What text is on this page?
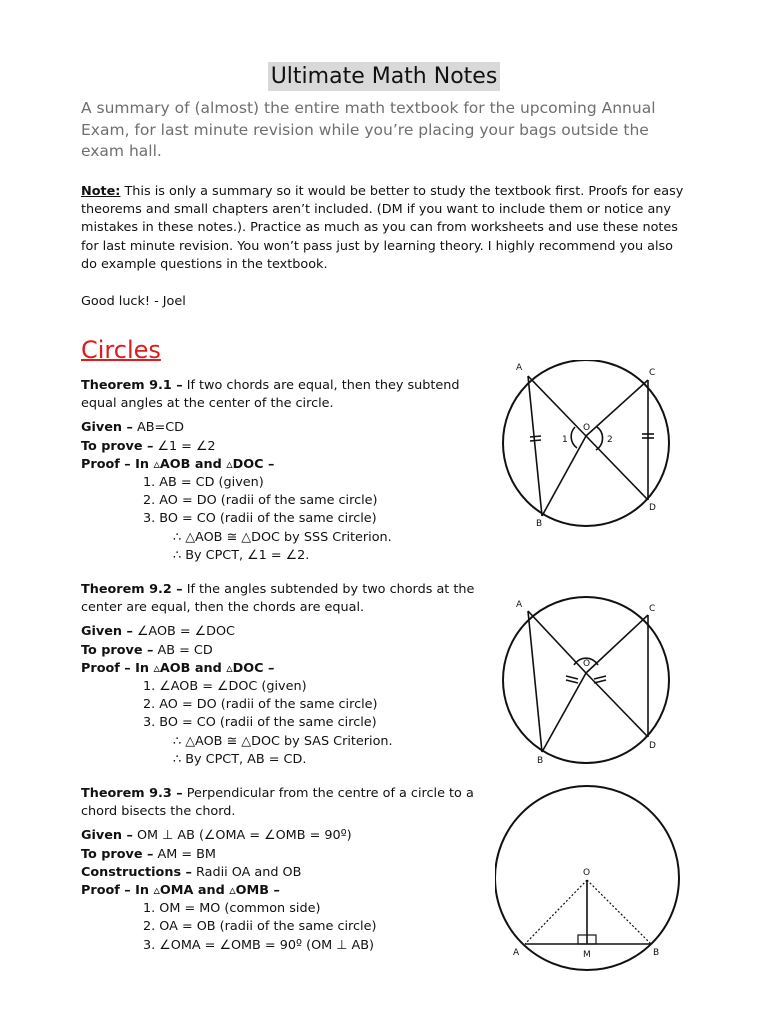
Ultimate Math Notes
A summary of (almost) the entire math textbook for the upcoming Annual Exam, for last minute revision while you’re placing your bags outside the exam hall.
Note: This is only a summary so it would be better to study the textbook first. Proofs for easy theorems and small chapters aren’t included. (DM if you want to include them or notice any mistakes in these notes.). Practice as much as you can from worksheets and use these notes for last minute revision. You won’t pass just by learning theory. I highly recommend you also do example questions in the textbook.
Good luck! - Joel
Circles
Theorem 9.1 – If two chords are equal, then they subtend equal angles at the center of the circle.
Given – AB=CD
To prove – ∠1 = ∠2
Proof – In ▵AOB and ▵DOC –
1. AB = CD (given)
2. AO = DO (radii of the same circle)
3. BO = CO (radii of the same circle)
∴ △AOB ≅ △DOC by SSS Criterion.
∴ By CPCT, ∠1 = ∠2.
Theorem 9.2 – If the angles subtended by two chords at the center are equal, then the chords are equal.
Given – ∠AOB = ∠DOC
To prove – AB = CD
Proof – In ▵AOB and ▵DOC –
1. ∠AOB = ∠DOC (given)
2. AO = DO (radii of the same circle)
3. BO = CO (radii of the same circle)
∴ △AOB ≅ △DOC by SAS Criterion.
∴ By CPCT, AB = CD.
Theorem 9.3 – Perpendicular from the centre of a circle to a chord bisects the chord.
Given – OM ⊥ AB (∠OMA = ∠OMB = 90º)
To prove – AM = BM
Constructions – Radii OA and OB
Proof – In ▵OMA and ▵OMB –
1. OM = MO (common side)
2. OA = OB (radii of the same circle)
3. ∠OMA = ∠OMB = 90º (OM ⊥ AB)
A	C
O
1	2
B
D
A	C
O
B
D
O
A	M	B
